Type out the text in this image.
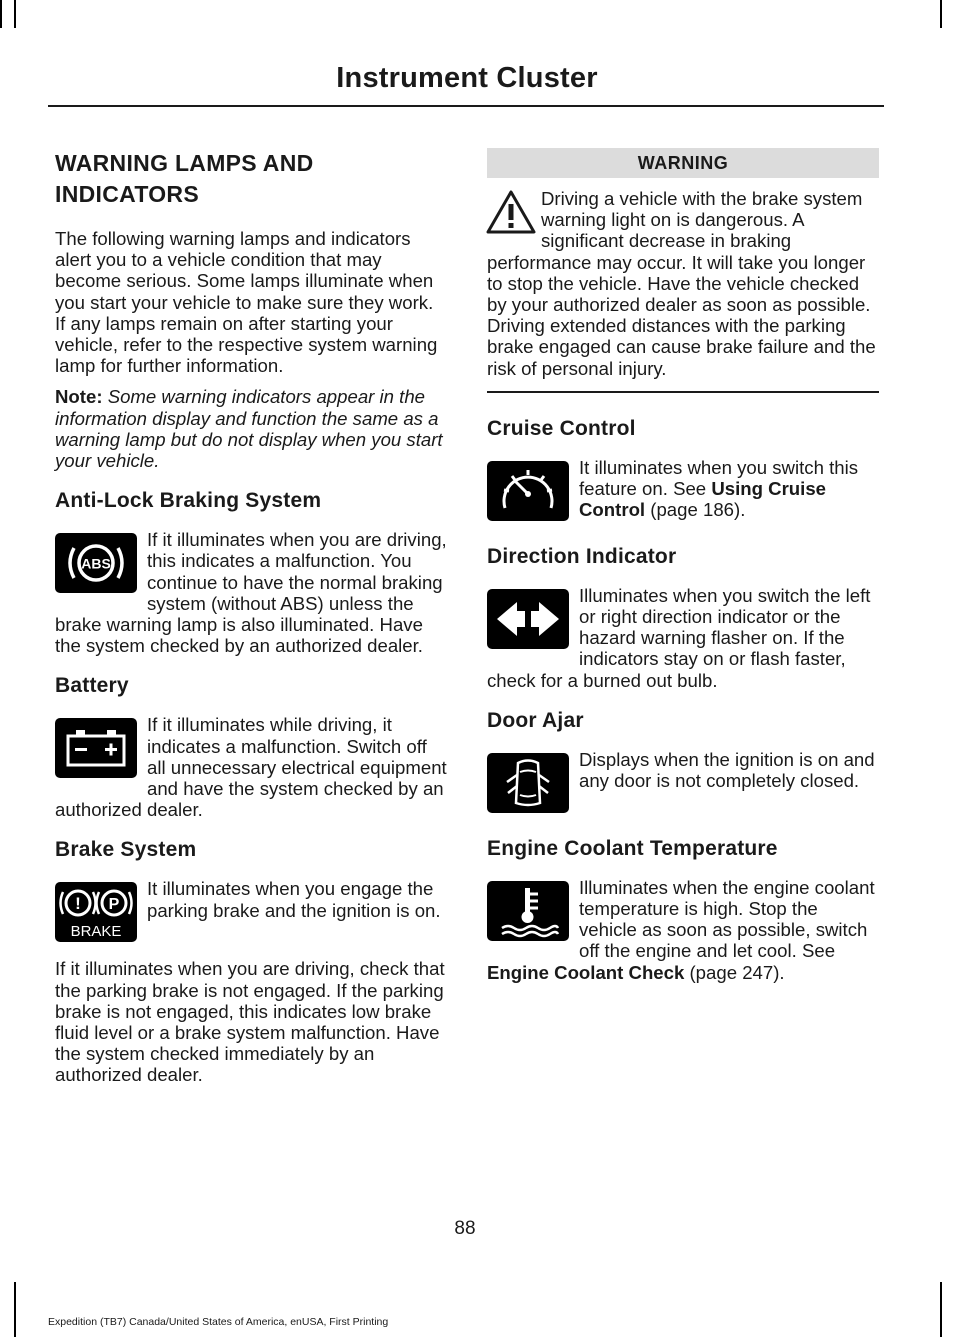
Instrument Cluster
WARNING LAMPS AND
INDICATORS

The following warning lamps and indicators alert you to a vehicle condition that may become serious. Some lamps illuminate when you start your vehicle to make sure they work. If any lamps remain on after starting your vehicle, refer to the respective system warning lamp for further information.

Note: Some warning indicators appear in the information display and function the same as a warning lamp but do not display when you start your vehicle.

Anti-Lock Braking System
ABS

If it illuminates when you are driving, this indicates a malfunction. You continue to have the normal braking system (without ABS) unless the brake warning lamp is also illuminated. Have the system checked by an authorized dealer.

Battery

If it illuminates while driving, it indicates a malfunction. Switch off all unnecessary electrical equipment and have the system checked by an authorized dealer.

Brake System
! P
BRAKE

It illuminates when you engage the parking brake and the ignition is on.

If it illuminates when you are driving, check that the parking brake is not engaged. If the parking brake is not engaged, this indicates low brake fluid level or a brake system malfunction. Have the system checked immediately by an authorized dealer.

WARNING

Driving a vehicle with the brake system warning light on is dangerous. A significant decrease in braking performance may occur. It will take you longer to stop the vehicle. Have the vehicle checked by your authorized dealer as soon as possible. Driving extended distances with the parking brake engaged can cause brake failure and the risk of personal injury.

Cruise Control

It illuminates when you switch this feature on. See Using Cruise Control (page 186).

Direction Indicator

Illuminates when you switch the left or right direction indicator or the hazard warning flasher on. If the indicators stay on or flash faster, check for a burned out bulb.

Door Ajar

Displays when the ignition is on and any door is not completely closed.

Engine Coolant Temperature

Illuminates when the engine coolant temperature is high. Stop the vehicle as soon as possible, switch off the engine and let cool. See Engine Coolant Check (page 247).

88
Expedition (TB7) Canada/United States of America, enUSA, First Printing
